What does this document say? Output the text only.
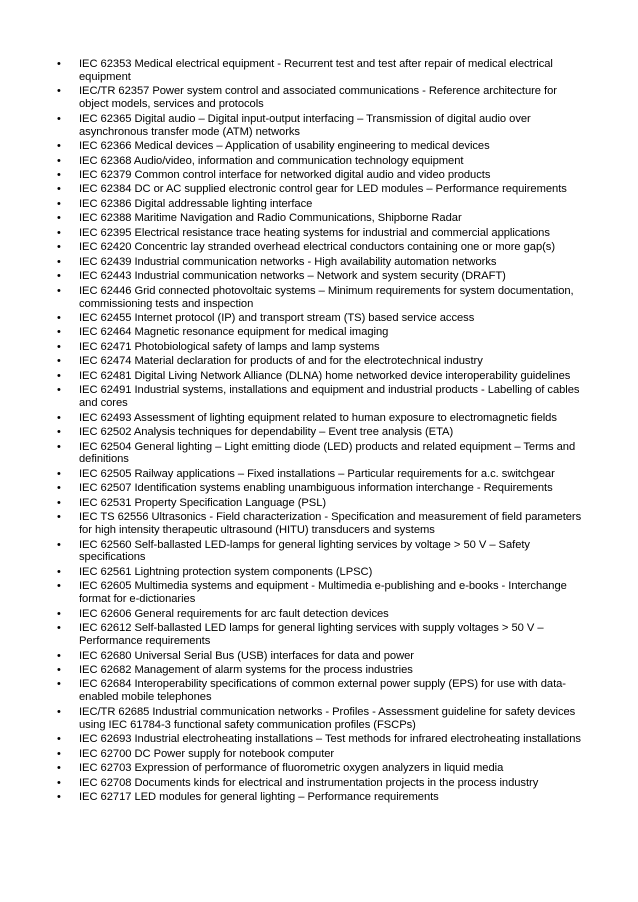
• IEC 62353 Medical electrical equipment - Recurrent test and test after repair of medical electrical equipment
• IEC/TR 62357 Power system control and associated communications - Reference architecture for object models, services and protocols
• IEC 62365 Digital audio – Digital input-output interfacing – Transmission of digital audio over asynchronous transfer mode (ATM) networks
• IEC 62366 Medical devices – Application of usability engineering to medical devices
• IEC 62368 Audio/video, information and communication technology equipment
• IEC 62379 Common control interface for networked digital audio and video products
• IEC 62384 DC or AC supplied electronic control gear for LED modules – Performance requirements
• IEC 62386 Digital addressable lighting interface
• IEC 62388 Maritime Navigation and Radio Communications, Shipborne Radar
• IEC 62395 Electrical resistance trace heating systems for industrial and commercial applications
• IEC 62420 Concentric lay stranded overhead electrical conductors containing one or more gap(s)
• IEC 62439 Industrial communication networks - High availability automation networks
• IEC 62443 Industrial communication networks – Network and system security (DRAFT)
• IEC 62446 Grid connected photovoltaic systems – Minimum requirements for system documentation, commissioning tests and inspection
• IEC 62455 Internet protocol (IP) and transport stream (TS) based service access
• IEC 62464 Magnetic resonance equipment for medical imaging
• IEC 62471 Photobiological safety of lamps and lamp systems
• IEC 62474 Material declaration for products of and for the electrotechnical industry
• IEC 62481 Digital Living Network Alliance (DLNA) home networked device interoperability guidelines
• IEC 62491 Industrial systems, installations and equipment and industrial products - Labelling of cables and cores
• IEC 62493 Assessment of lighting equipment related to human exposure to electromagnetic fields
• IEC 62502 Analysis techniques for dependability – Event tree analysis (ETA)
• IEC 62504 General lighting – Light emitting diode (LED) products and related equipment – Terms and definitions
• IEC 62505 Railway applications – Fixed installations – Particular requirements for a.c. switchgear
• IEC 62507 Identification systems enabling unambiguous information interchange - Requirements
• IEC 62531 Property Specification Language (PSL)
• IEC TS 62556 Ultrasonics - Field characterization - Specification and measurement of field parameters for high intensity therapeutic ultrasound (HITU) transducers and systems
• IEC 62560 Self-ballasted LED-lamps for general lighting services by voltage > 50 V – Safety specifications
• IEC 62561 Lightning protection system components (LPSC)
• IEC 62605 Multimedia systems and equipment - Multimedia e-publishing and e-books - Interchange format for e-dictionaries
• IEC 62606 General requirements for arc fault detection devices
• IEC 62612 Self-ballasted LED lamps for general lighting services with supply voltages > 50 V – Performance requirements
• IEC 62680 Universal Serial Bus (USB) interfaces for data and power
• IEC 62682 Management of alarm systems for the process industries
• IEC 62684 Interoperability specifications of common external power supply (EPS) for use with data-enabled mobile telephones
• IEC/TR 62685 Industrial communication networks - Profiles - Assessment guideline for safety devices using IEC 61784-3 functional safety communication profiles (FSCPs)
• IEC 62693 Industrial electroheating installations – Test methods for infrared electroheating installations
• IEC 62700 DC Power supply for notebook computer
• IEC 62703 Expression of performance of fluorometric oxygen analyzers in liquid media
• IEC 62708 Documents kinds for electrical and instrumentation projects in the process industry
• IEC 62717 LED modules for general lighting – Performance requirements
